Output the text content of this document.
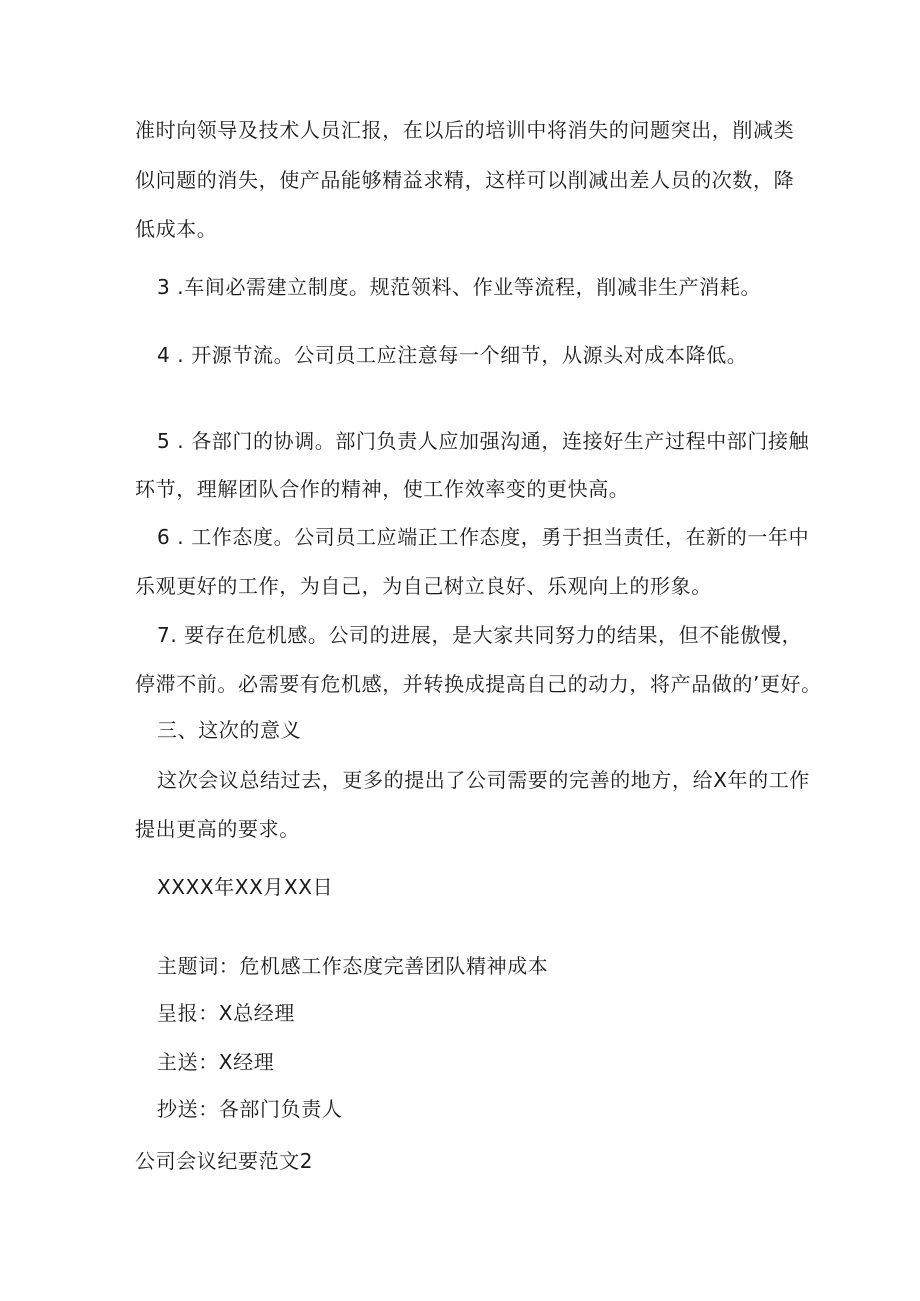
准时向领导及技术人员汇报，在以后的培训中将消失的问题突出，削减类
似问题的消失，使产品能够精益求精，这样可以削减出差人员的次数，降
低成本。
3 .车间必需建立制度。规范领料、作业等流程，削减非生产消耗。
4 . 开源节流。公司员工应注意每一个细节，从源头对成本降低。
5 . 各部门的协调。部门负责人应加强沟通，连接好生产过程中部门接触
环节，理解团队合作的精神，使工作效率变的更快高。
6 . 工作态度。公司员工应端正工作态度，勇于担当责任，在新的一年中
乐观更好的工作，为自己，为自己树立良好、乐观向上的形象。
7. 要存在危机感。公司的进展，是大家共同努力的结果，但不能傲慢，
停滞不前。必需要有危机感，并转换成提高自己的动力，将产品做的’更好。
三、这次的意义
这次会议总结过去，更多的提出了公司需要的完善的地方，给X年的工作
提出更高的要求。
XXXX年XX月XX日
主题词：危机感工作态度完善团队精神成本
呈报：X总经理
主送：X经理
抄送：各部门负责人
公司会议纪要范文2
